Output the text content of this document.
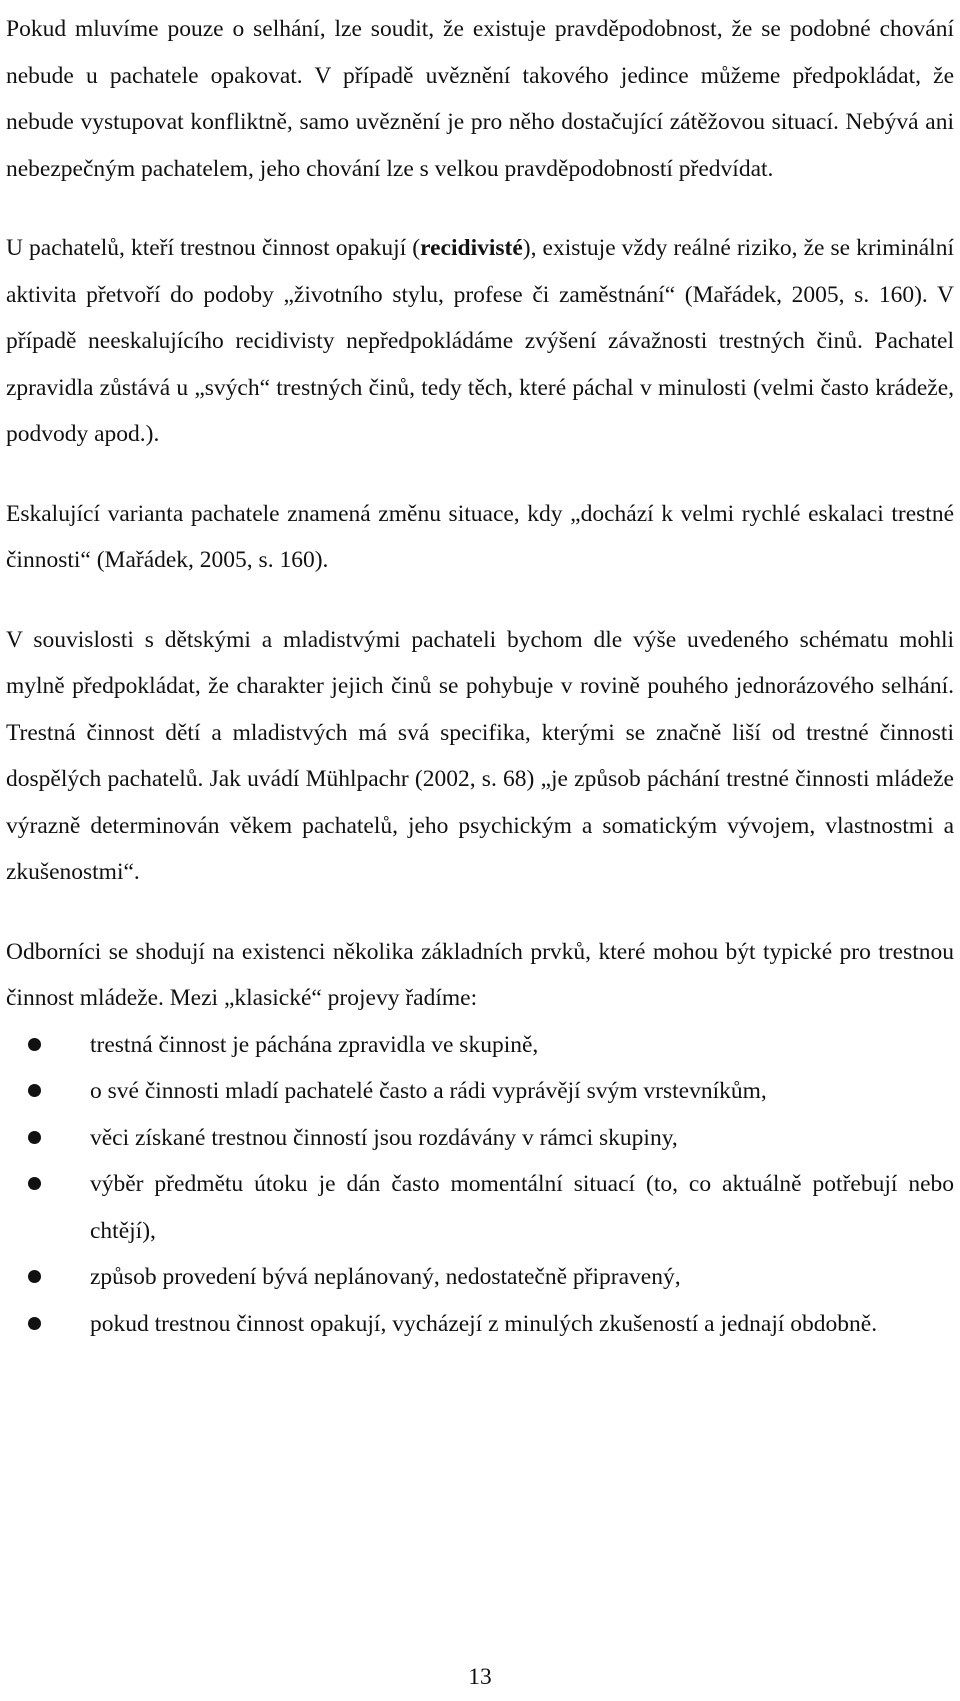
Pokud mluvíme pouze o selhání, lze soudit, že existuje pravděpodobnost, že se podobné chování nebude u pachatele opakovat. V případě uvěznění takového jedince můžeme předpokládat, že nebude vystupovat konfliktně, samo uvěznění je pro něho dostačující zátěžovou situací. Nebývá ani nebezpečným pachatelem, jeho chování lze s velkou pravděpodobností předvídat.

U pachatelů, kteří trestnou činnost opakují (recidivisté), existuje vždy reálné riziko, že se kriminální aktivita přetvoří do podoby „životního stylu, profese či zaměstnání“ (Mařádek, 2005, s. 160). V případě neeskalujícího recidivisty nepředpokládáme zvýšení závažnosti trestných činů. Pachatel zpravidla zůstává u „svých“ trestných činů, tedy těch, které páchal v minulosti (velmi často krádeže, podvody apod.).

Eskalující varianta pachatele znamená změnu situace, kdy „dochází k velmi rychlé eskalaci trestné činnosti“ (Mařádek, 2005, s. 160).

V souvislosti s dětskými a mladistvými pachateli bychom dle výše uvedeného schématu mohli mylně předpokládat, že charakter jejich činů se pohybuje v rovině pouhého jednorázového selhání. Trestná činnost dětí a mladistvých má svá specifika, kterými se značně liší od trestné činnosti dospělých pachatelů. Jak uvádí Mühlpachr (2002, s. 68) „je způsob páchání trestné činnosti mládeže výrazně determinován věkem pachatelů, jeho psychickým a somatickým vývojem, vlastnostmi a zkušenostmi“.

Odborníci se shodují na existenci několika základních prvků, které mohou být typické pro trestnou činnost mládeže. Mezi „klasické“ projevy řadíme:

trestná činnost je páchána zpravidla ve skupině,
o své činnosti mladí pachatelé často a rádi vyprávějí svým vrstevníkům,
věci získané trestnou činností jsou rozdávány v rámci skupiny,
výběr předmětu útoku je dán často momentální situací (to, co aktuálně potřebují nebo chtějí),
způsob provedení bývá neplánovaný, nedostatečně připravený,
pokud trestnou činnost opakují, vycházejí z minulých zkušeností a jednají obdobně.
13
